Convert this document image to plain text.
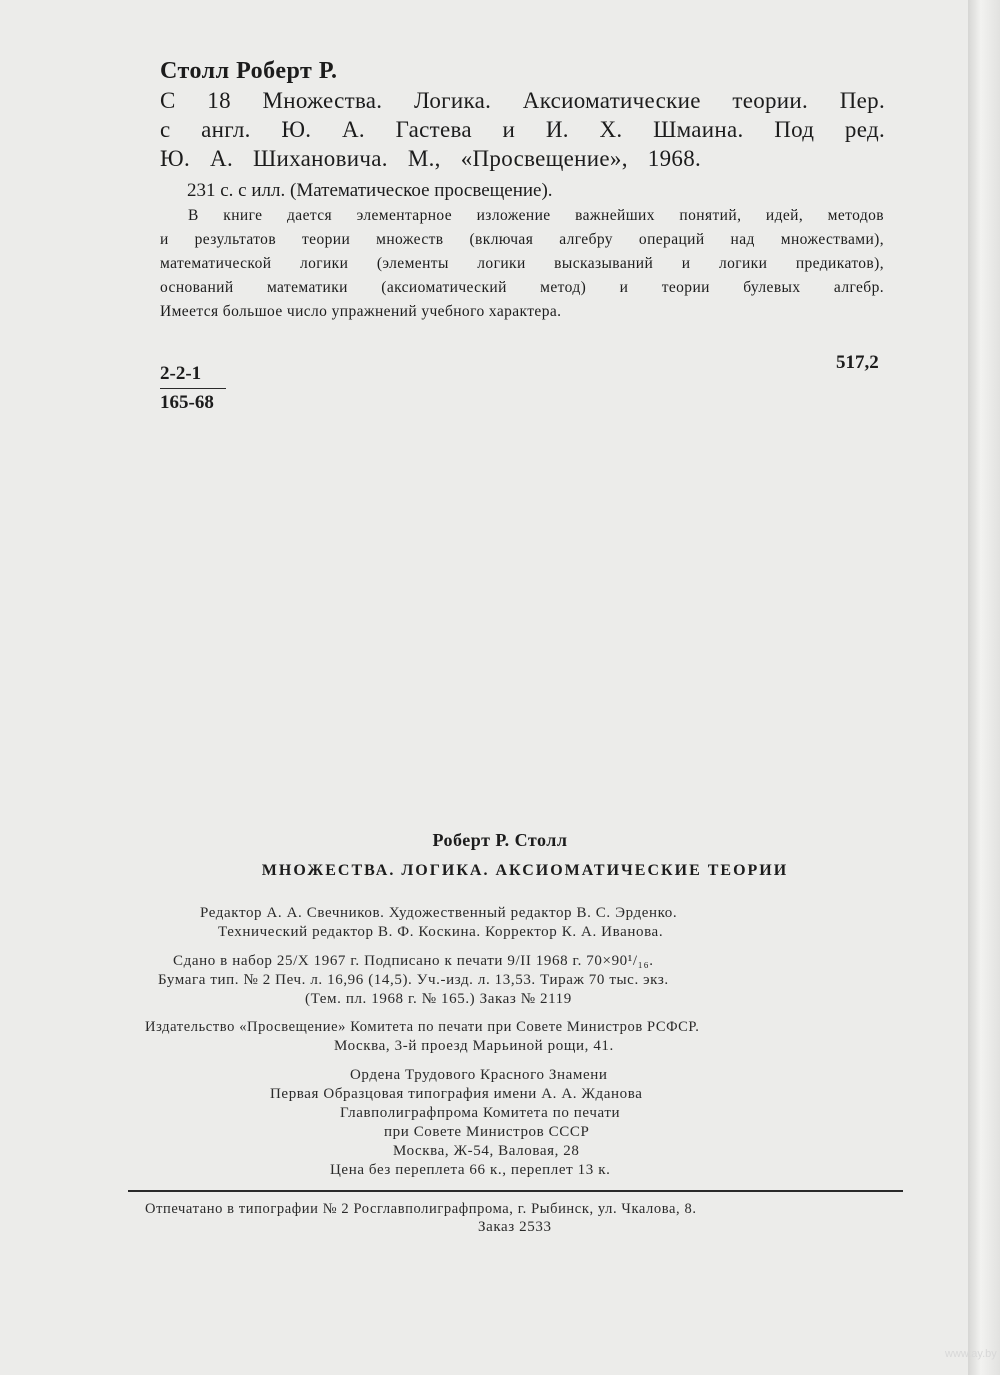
Столл Роберт Р.
С 18 Множества. Логика. Аксиоматические теории. Пер.
с англ. Ю. А. Гастева и И. Х. Шмаина. Под ред.
Ю. А. Шихановича. М., «Просвещение», 1968.
231 с. с илл. (Математическое просвещение).
В книге дается элементарное изложение важнейших понятий, идей, методов
и результатов теории множеств (включая алгебру операций над множествами),
математической логики (элементы логики высказываний и логики предикатов),
оснований математики (аксиоматический метод) и теории булевых алгебр.
Имеется большое число упражнений учебного характера.
2-2-1
165-68
517,2
Роберт Р. Столл
МНОЖЕСТВА. ЛОГИКА. АКСИОМАТИЧЕСКИЕ ТЕОРИИ
Редактор А. А. Свечников. Художественный редактор В. С. Эрденко.
Технический редактор В. Ф. Коскина. Корректор К. А. Иванова.
Сдано в набор 25/X 1967 г. Подписано к печати 9/II 1968 г. 70×90¹/₁₆.
Бумага тип. № 2 Печ. л. 16,96 (14,5). Уч.-изд. л. 13,53. Тираж 70 тыс. экз.
(Тем. пл. 1968 г. № 165.) Заказ № 2119
Издательство «Просвещение» Комитета по печати при Совете Министров РСФСР.
Москва, 3-й проезд Марьиной рощи, 41.
Ордена Трудового Красного Знамени
Первая Образцовая типография имени А. А. Жданова
Главполиграфпрома Комитета по печати
при Совете Министров СССР
Москва, Ж-54, Валовая, 28
Цена без переплета 66 к., переплет 13 к.
Отпечатано в типографии № 2 Росглавполиграфпрома, г. Рыбинск, ул. Чкалова, 8.
Заказ 2533
www.ay.by
